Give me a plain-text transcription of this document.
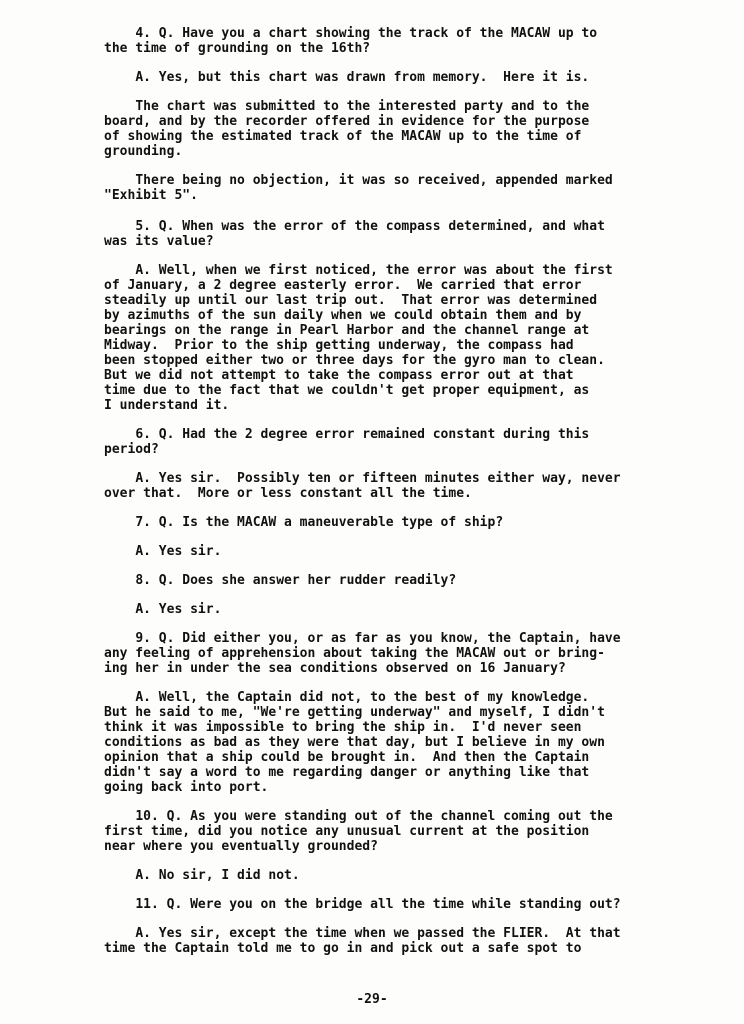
4. Q. Have you a chart showing the track of the MACAW up to
the time of grounding on the 16th?

A. Yes, but this chart was drawn from memory.  Here it is.

The chart was submitted to the interested party and to the
board, and by the recorder offered in evidence for the purpose
of showing the estimated track of the MACAW up to the time of
grounding.

There being no objection, it was so received, appended marked
"Exhibit 5".

5. Q. When was the error of the compass determined, and what
was its value?

A. Well, when we first noticed, the error was about the first
of January, a 2 degree easterly error.  We carried that error
steadily up until our last trip out.  That error was determined
by azimuths of the sun daily when we could obtain them and by
bearings on the range in Pearl Harbor and the channel range at
Midway.  Prior to the ship getting underway, the compass had
been stopped either two or three days for the gyro man to clean.
But we did not attempt to take the compass error out at that
time due to the fact that we couldn't get proper equipment, as
I understand it.

6. Q. Had the 2 degree error remained constant during this
period?

A. Yes sir.  Possibly ten or fifteen minutes either way, never
over that.  More or less constant all the time.

7. Q. Is the MACAW a maneuverable type of ship?

A. Yes sir.

8. Q. Does she answer her rudder readily?

A. Yes sir.

9. Q. Did either you, or as far as you know, the Captain, have
any feeling of apprehension about taking the MACAW out or bring-
ing her in under the sea conditions observed on 16 January?

A. Well, the Captain did not, to the best of my knowledge.
But he said to me, "We're getting underway" and myself, I didn't
think it was impossible to bring the ship in.  I'd never seen
conditions as bad as they were that day, but I believe in my own
opinion that a ship could be brought in.  And then the Captain
didn't say a word to me regarding danger or anything like that
going back into port.

10. Q. As you were standing out of the channel coming out the
first time, did you notice any unusual current at the position
near where you eventually grounded?

A. No sir, I did not.

11. Q. Were you on the bridge all the time while standing out?

A. Yes sir, except the time when we passed the FLIER.  At that
time the Captain told me to go in and pick out a safe spot to

-29-
